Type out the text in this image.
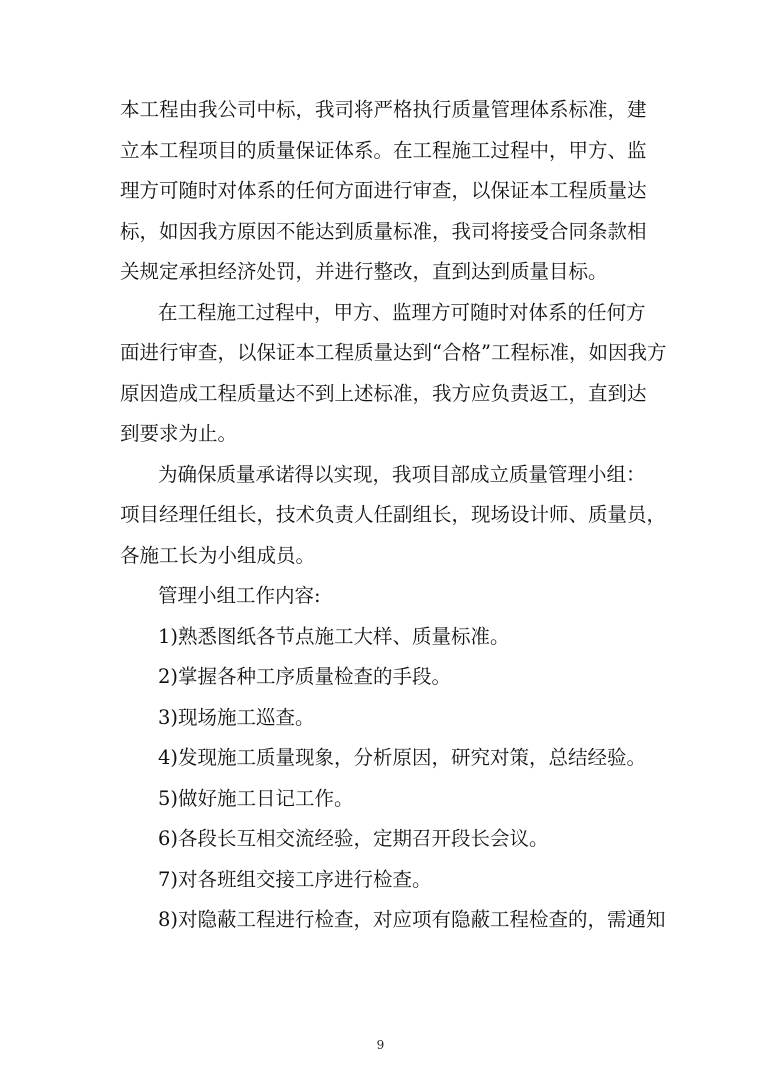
本工程由我公司中标，我司将严格执行质量管理体系标准，建
立本工程项目的质量保证体系。在工程施工过程中，甲方、监
理方可随时对体系的任何方面进行审查，以保证本工程质量达
标，如因我方原因不能达到质量标准，我司将接受合同条款相
关规定承担经济处罚，并进行整改，直到达到质量目标。
在工程施工过程中，甲方、监理方可随时对体系的任何方
面进行审查，以保证本工程质量达到“合格”工程标准，如因我方
原因造成工程质量达不到上述标准，我方应负责返工，直到达
到要求为止。
为确保质量承诺得以实现，我项目部成立质量管理小组：
项目经理任组长，技术负责人任副组长，现场设计师、质量员，
各施工长为小组成员。
管理小组工作内容:
1)熟悉图纸各节点施工大样、质量标准。
2)掌握各种工序质量检查的手段。
3)现场施工巡查。
4)发现施工质量现象，分析原因，研究对策，总结经验。
5)做好施工日记工作。
6)各段长互相交流经验，定期召开段长会议。
7)对各班组交接工序进行检查。
8)对隐蔽工程进行检查，对应项有隐蔽工程检查的，需通知
9
